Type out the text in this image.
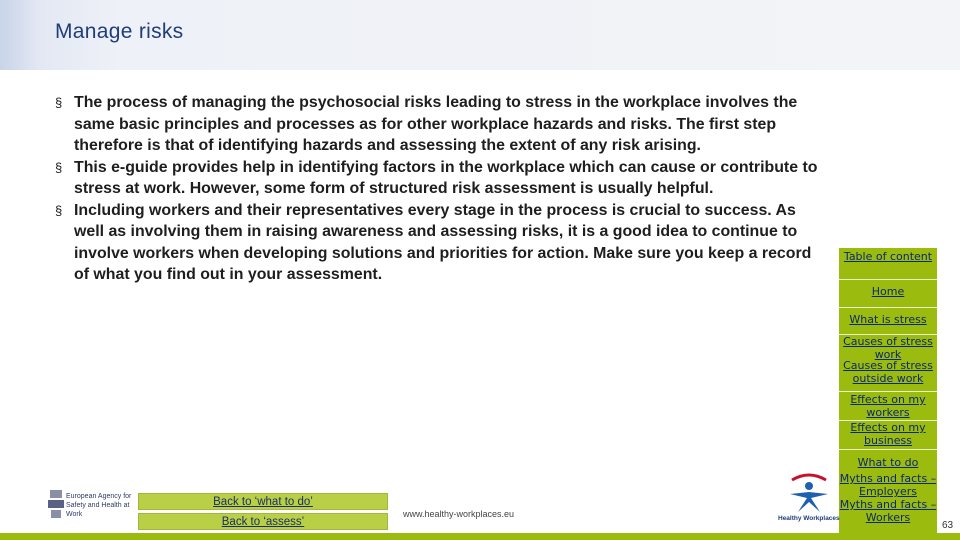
Manage risks
§ The process of managing the psychosocial risks leading to stress in the workplace involves the same basic principles and processes as for other workplace hazards and risks. The first step therefore is that of identifying hazards and assessing the extent of any risk arising.
§ This e-guide provides help in identifying factors in the workplace which can cause or contribute to stress at work. However, some form of structured risk assessment is usually helpful.
§ Including workers and their representatives every stage in the process is crucial to success. As well as involving them in raising awareness and assessing risks, it is a good idea to continue to involve workers when developing solutions and priorities for action. Make sure you keep a record of what you find out in your assessment.
Table of content
Home
What is stress
Causes of stress work
Causes of stress outside work
Effects on my workers
Effects on my business
What to do
Myths and facts – Employers
Myths and facts – Workers
European Agency for Safety and Health at Work
Back to ‘what to do’
Back to ‘assess’
www.healthy-workplaces.eu	Healthy Workplaces
63
